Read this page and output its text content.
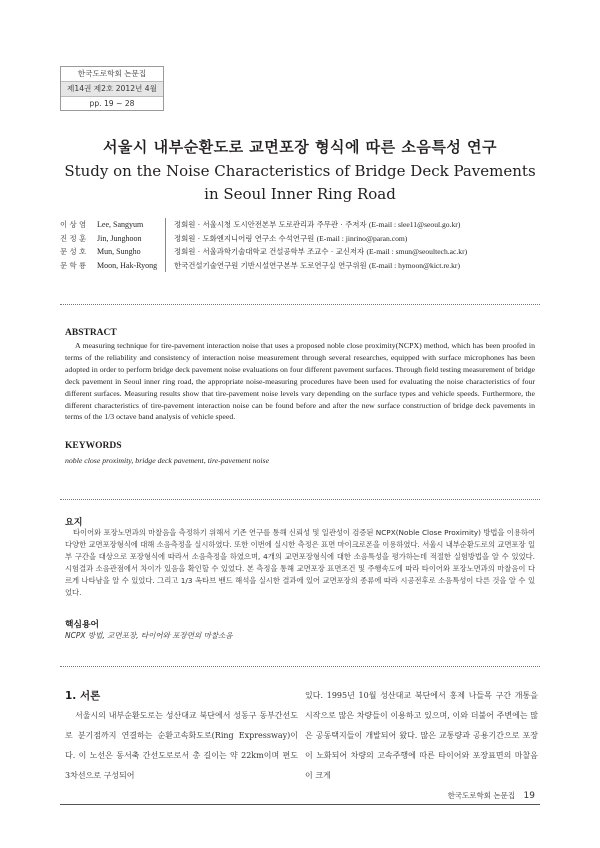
한국도로학회 논문집
제14권 제2호 2012년 4월
pp. 19 ~ 28
서울시 내부순환도로 교면포장 형식에 따른 소음특성 연구
Study on the Noise Characteristics of Bridge Deck Pavements
in Seoul Inner Ring Road
이 상 염	Lee, Sangyum	정회원 · 서울시청 도시안전본부 도로관리과 주무관 · 주저자 (E-mail : slee11@seoul.go.kr)
진 정 훈	Jin, Junghoon	정회원 · 도화엔지니어링 연구소 수석연구원 (E-mail : jinrino@paran.com)
문 성 호	Mun, Sungho	정회원 · 서울과학기술대학교 건설공학부 조교수 · 교신저자 (E-mail : smun@seoultech.ac.kr)
문 학 룡	Moon, Hak-Ryong	한국건설기술연구원 기반시설연구본부 도로연구실 연구위원 (E-mail : hymoon@kict.re.kr)
ABSTRACT
A measuring technique for tire-pavement interaction noise that uses a proposed noble close proximity(NCPX) method, which has been proofed in terms of the reliability and consistency of interaction noise measurement through several researches, equipped with surface microphones has been adopted in order to perform bridge deck pavement noise evaluations on four different pavement surfaces. Through field testing measurement of bridge deck pavement in Seoul inner ring road, the appropriate noise-measuring procedures have been used for evaluating the noise characteristics of four different surfaces. Measuring results show that tire-pavement noise levels vary depending on the surface types and vehicle speeds. Furthermore, the different characteristics of tire-pavement interaction noise can be found before and after the new surface construction of bridge deck pavements in terms of the 1/3 octave band analysis of vehicle speed.
KEYWORDS
noble close proximity, bridge deck pavement, tire-pavement noise
요지
타이어와 포장노면과의 마찰음을 측정하기 위해서 기존 연구를 통해 신뢰성 및 일관성이 검증된 NCPX(Noble Close Proximity) 방법을 이용하여 다양한 교면포장형식에 대해 소음측정을 실시하였다. 또한 이번에 실시한 측정은 표면 마이크로폰을 이용하였다. 서울시 내부순환도로의 교면포장 일부 구간을 대상으로 포장형식에 따라서 소음측정을 하였으며, 4개의 교면포장형식에 대한 소음특성을 평가하는데 적절한 실험방법을 알 수 있었다. 시험결과 소음관점에서 차이가 있음을 확인할 수 있었다. 본 측정을 통해 교면포장 표면조건 및 주행속도에 따라 타이어와 포장노면과의 마찰음이 다르게 나타남을 알 수 있었다. 그리고 1/3 옥타브 밴드 해석을 실시한 결과에 있어 교면포장의 종류에 따라 시공전후로 소음특성이 다른 것을 알 수 있었다.
핵심용어
NCPX 방법, 교면포장, 타이어와 포장면의 마찰소음
1. 서론
서울시의 내부순환도로는 성산대교 북단에서 성동구 동부간선도로 분기점까지 연결하는 순환고속화도로(Ring Expressway)이다. 이 노선은 동서축 간선도로로서 총 길이는 약 22km이며 편도 3차선으로 구성되어
있다. 1995년 10월 성산대교 북단에서 홍제 나들목 구간 개통을 시작으로 많은 차량들이 이용하고 있으며, 이와 더불어 주변에는 많은 공동택지들이 개발되어 왔다. 많은 교통량과 공용기간으로 포장이 노화되어 차량의 고속주행에 따른 타이어와 포장표면의 마찰음이 크게
한국도로학회 논문집 19
